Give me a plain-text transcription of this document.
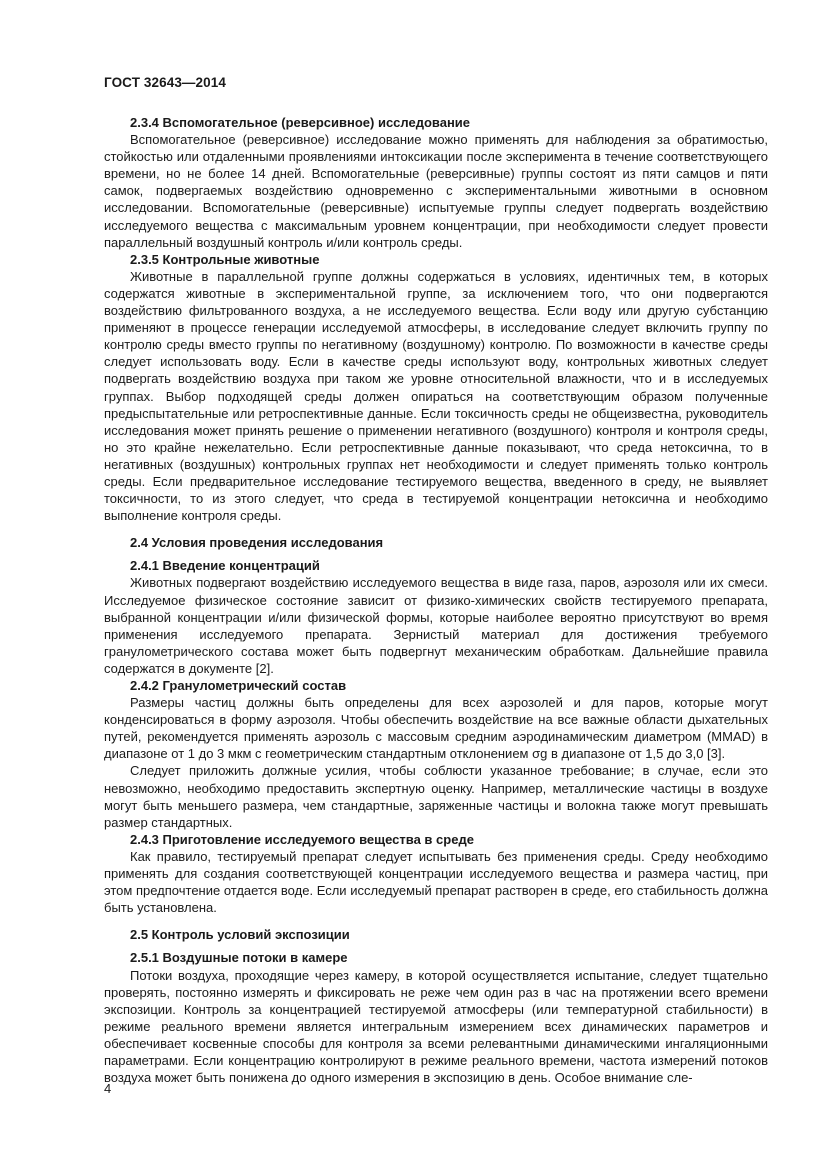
ГОСТ 32643—2014
2.3.4 Вспомогательное (реверсивное) исследование

Вспомогательное (реверсивное) исследование можно применять для наблюдения за обратимостью, стойкостью или отдаленными проявлениями интоксикации после эксперимента в течение соответствующего времени, но не более 14 дней. Вспомогательные (реверсивные) группы состоят из пяти самцов и пяти самок, подвергаемых воздействию одновременно с экспериментальными животными в основном исследовании. Вспомогательные (реверсивные) испытуемые группы следует подвергать воздействию исследуемого вещества с максимальным уровнем концентрации, при необходимости следует провести параллельный воздушный контроль и/или контроль среды.

2.3.5 Контрольные животные

Животные в параллельной группе должны содержаться в условиях, идентичных тем, в которых содержатся животные в экспериментальной группе, за исключением того, что они подвергаются воздействию фильтрованного воздуха, а не исследуемого вещества. Если воду или другую субстанцию применяют в процессе генерации исследуемой атмосферы, в исследование следует включить группу по контролю среды вместо группы по негативному (воздушному) контролю. По возможности в качестве среды следует использовать воду. Если в качестве среды используют воду, контрольных животных следует подвергать воздействию воздуха при таком же уровне относительной влажности, что и в исследуемых группах. Выбор подходящей среды должен опираться на соответствующим образом полученные предыспытательные или ретроспективные данные. Если токсичность среды не общеизвестна, руководитель исследования может принять решение о применении негативного (воздушного) контроля и контроля среды, но это крайне нежелательно. Если ретроспективные данные показывают, что среда нетоксична, то в негативных (воздушных) контрольных группах нет необходимости и следует применять только контроль среды. Если предварительное исследование тестируемого вещества, введенного в среду, не выявляет токсичности, то из этого следует, что среда в тестируемой концентрации нетоксична и необходимо выполнение контроля среды.

2.4 Условия проведения исследования
2.4.1 Введение концентраций

Животных подвергают воздействию исследуемого вещества в виде газа, паров, аэрозоля или их смеси. Исследуемое физическое состояние зависит от физико-химических свойств тестируемого препарата, выбранной концентрации и/или физической формы, которые наиболее вероятно присутствуют во время применения исследуемого препарата. Зернистый материал для достижения требуемого гранулометрического состава может быть подвергнут механическим обработкам. Дальнейшие правила содержатся в документе [2].

2.4.2 Гранулометрический состав

Размеры частиц должны быть определены для всех аэрозолей и для паров, которые могут конденсироваться в форму аэрозоля. Чтобы обеспечить воздействие на все важные области дыхательных путей, рекомендуется применять аэрозоль с массовым средним аэродинамическим диаметром (MMAD) в диапазоне от 1 до 3 мкм с геометрическим стандартным отклонением σg в диапазоне от 1,5 до 3,0 [3].

Следует приложить должные усилия, чтобы соблюсти указанное требование; в случае, если это невозможно, необходимо предоставить экспертную оценку. Например, металлические частицы в воздухе могут быть меньшего размера, чем стандартные, заряженные частицы и волокна также могут превышать размер стандартных.

2.4.3 Приготовление исследуемого вещества в среде

Как правило, тестируемый препарат следует испытывать без применения среды. Среду необходимо применять для создания соответствующей концентрации исследуемого вещества и размера частиц, при этом предпочтение отдается воде. Если исследуемый препарат растворен в среде, его стабильность должна быть установлена.

2.5 Контроль условий экспозиции
2.5.1 Воздушные потоки в камере

Потоки воздуха, проходящие через камеру, в которой осуществляется испытание, следует тщательно проверять, постоянно измерять и фиксировать не реже чем один раз в час на протяжении всего времени экспозиции. Контроль за концентрацией тестируемой атмосферы (или температурной стабильности) в режиме реального времени является интегральным измерением всех динамических параметров и обеспечивает косвенные способы для контроля за всеми релевантными динамическими ингаляционными параметрами. Если концентрацию контролируют в режиме реального времени, частота измерений потоков воздуха может быть понижена до одного измерения в экспозицию в день. Особое внимание сле-

4
